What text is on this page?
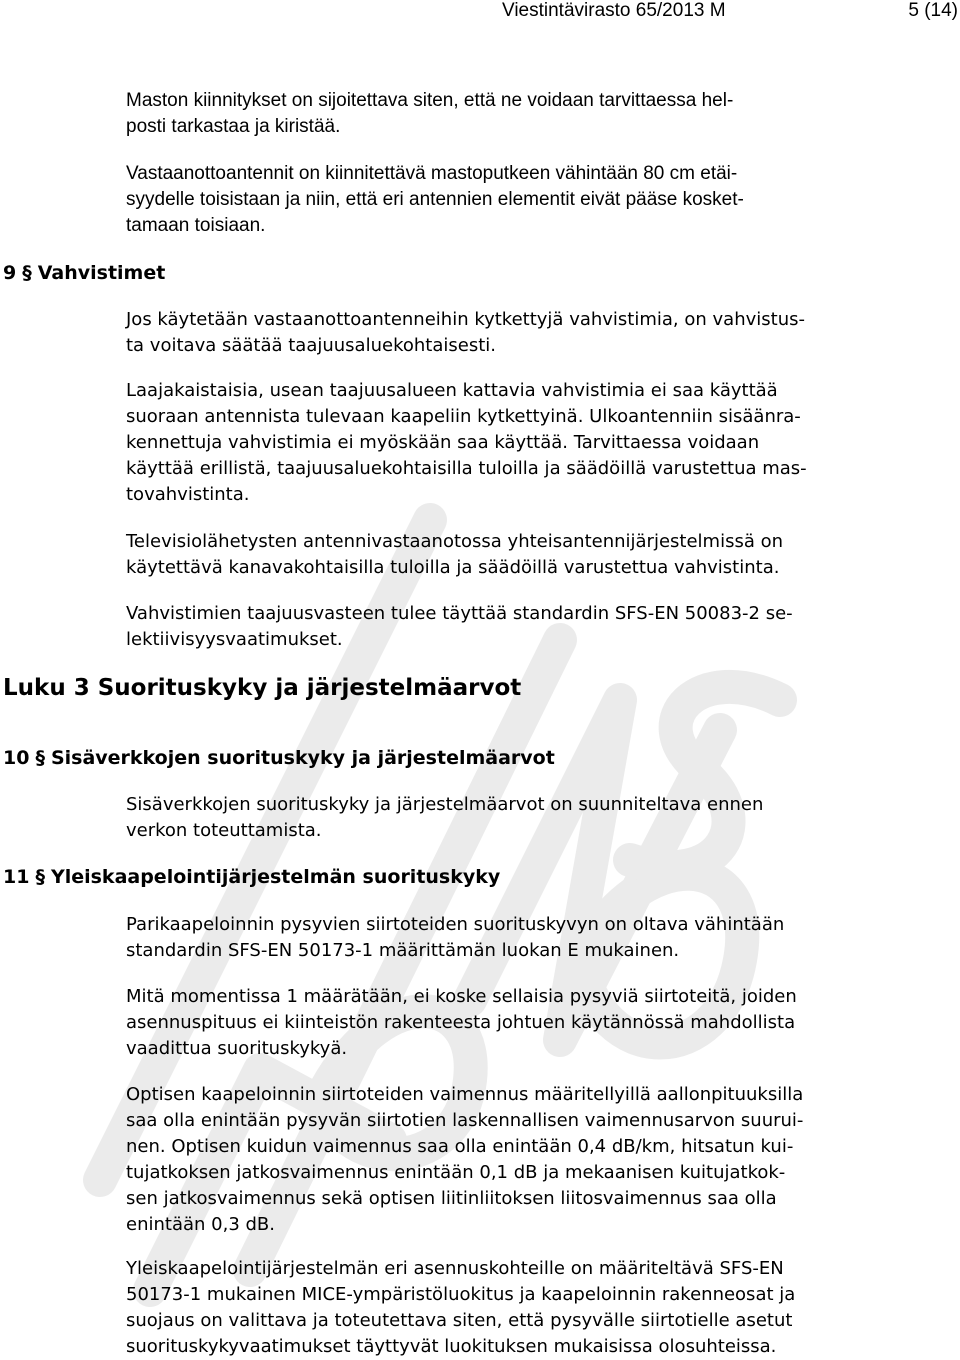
Viestintävirasto 65/2013 M	5 (14)

Maston kiinnitykset on sijoitettava siten, että ne voidaan tarvittaessa hel-
posti tarkastaa ja kiristää.

Vastaanottoantennit on kiinnitettävä mastoputkeen vähintään 80 cm etäi-
syydelle toisistaan ja niin, että eri antennien elementit eivät pääse kosket-
tamaan toisiaan.

9 § Vahvistimet

Jos käytetään vastaanottoantenneihin kytkettyjä vahvistimia, on vahvistus-
ta voitava säätää taajuusaluekohtaisesti.

Laajakaistaisia, usean taajuusalueen kattavia vahvistimia ei saa käyttää
suoraan antennista tulevaan kaapeliin kytkettyinä. Ulkoantenniin sisäänra-
kennettuja vahvistimia ei myöskään saa käyttää. Tarvittaessa voidaan
käyttää erillistä, taajuusaluekohtaisilla tuloilla ja säädöillä varustettua mas-
tovahvistinta.

Televisiolähetysten antennivastaanotossa yhteisantennijärjestelmissä on
käytettävä kanavakohtaisilla tuloilla ja säädöillä varustettua vahvistinta.

Vahvistimien taajuusvasteen tulee täyttää standardin SFS-EN 50083-2 se-
lektiivisyysvaatimukset.

Luku 3 Suorituskyky ja järjestelmäarvot
10 § Sisäverkkojen suorituskyky ja järjestelmäarvot

Sisäverkkojen suorituskyky ja järjestelmäarvot on suunniteltava ennen
verkon toteuttamista.

11 § Yleiskaapelointijärjestelmän suorituskyky

Parikaapeloinnin pysyvien siirtoteiden suorituskyvyn on oltava vähintään
standardin SFS-EN 50173-1 määrittämän luokan E mukainen.

Mitä momentissa 1 määrätään, ei koske sellaisia pysyviä siirtoteitä, joiden
asennuspituus ei kiinteistön rakenteesta johtuen käytännössä mahdollista
vaadittua suorituskykyä.

Optisen kaapeloinnin siirtoteiden vaimennus määritellyillä aallonpituuksilla
saa olla enintään pysyvän siirtotien laskennallisen vaimennusarvon suurui-
nen. Optisen kuidun vaimennus saa olla enintään 0,4 dB/km, hitsatun kui-
tujatkoksen jatkosvaimennus enintään 0,1 dB ja mekaanisen kuitujatkok-
sen jatkosvaimennus sekä optisen liitinliitoksen liitosvaimennus saa olla
enintään 0,3 dB.

Yleiskaapelointijärjestelmän eri asennuskohteille on määriteltävä SFS-EN
50173-1 mukainen MICE-ympäristöluokitus ja kaapeloinnin rakenneosat ja
suojaus on valittava ja toteutettava siten, että pysyvälle siirtotielle asetut
suorituskykyvaatimukset täyttyvät luokituksen mukaisissa olosuhteissa.
